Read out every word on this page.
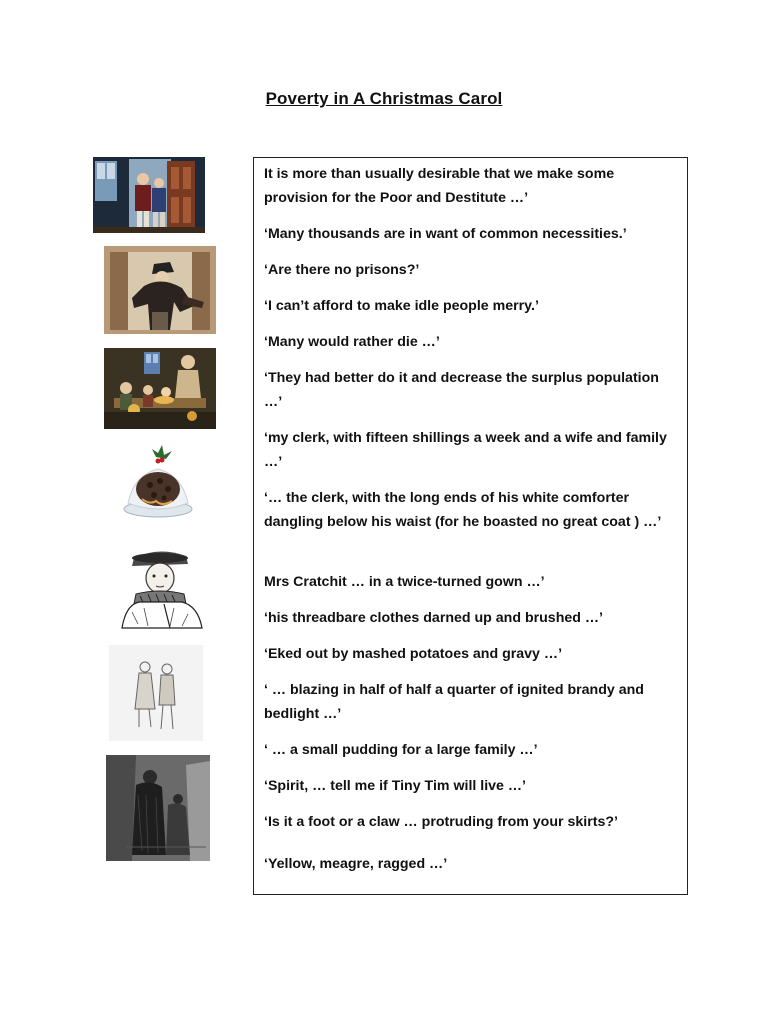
Poverty in A Christmas Carol
It is more than usually desirable that we make some provision for the Poor and Destitute …’
‘Many thousands are in want of common necessities.’
‘Are there no prisons?’
‘I can’t afford to make idle people merry.’
‘Many would rather die …’
‘They had better do it and decrease the surplus population …’
‘my clerk, with fifteen shillings a week and a wife and family …’
‘… the clerk, with the long ends of his white comforter dangling below his waist (for he boasted no great coat ) …’
Mrs Cratchit … in a twice-turned gown …’
‘his threadbare clothes darned up and brushed …’
‘Eked out by mashed potatoes and gravy …’
‘ … blazing in half of half a quarter of ignited brandy and bedlight …’
‘ … a small pudding for a large family …’
‘Spirit, … tell me if Tiny Tim will live …’
‘Is it a foot or a claw … protruding from your skirts?’
‘Yellow, meagre, ragged …’
